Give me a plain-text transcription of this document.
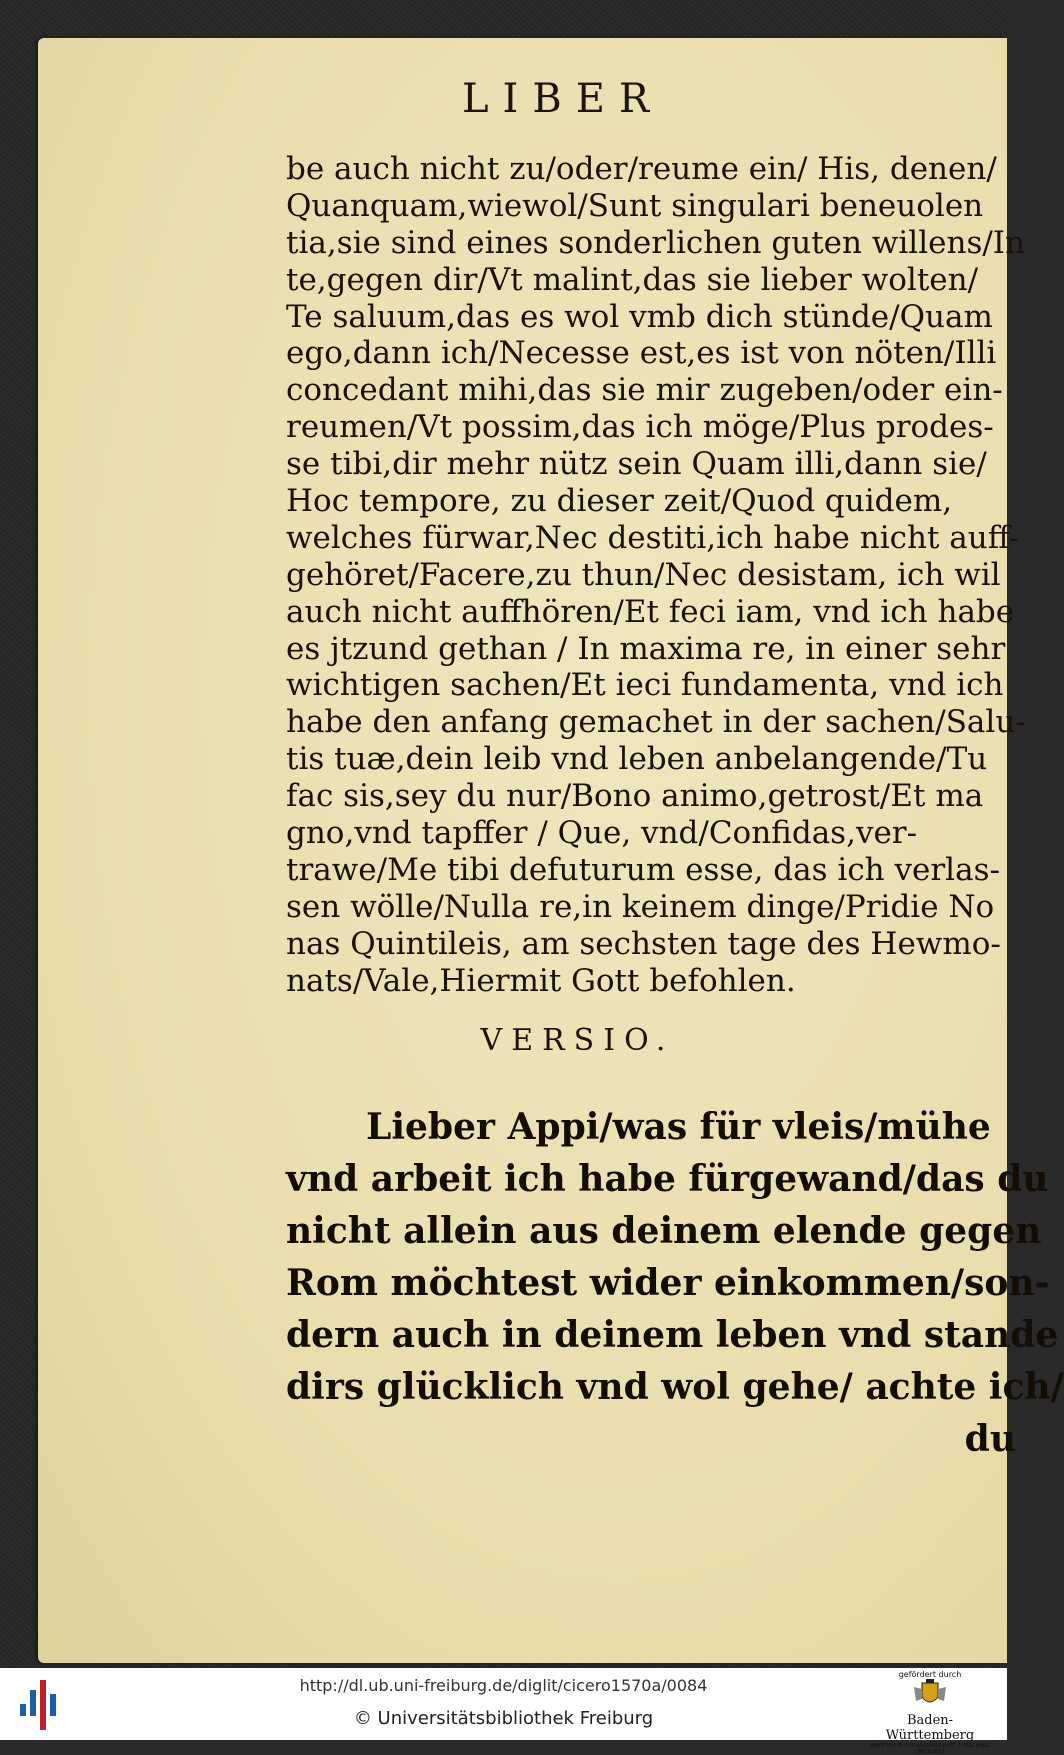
LIBER
be auch nicht zu/oder/reume ein/ His, denen/
Quanquam,wiewol/Sunt singulari beneuolen
tia,sie sind eines sonderlichen guten willens/In
te,gegen dir/Vt malint,das sie lieber wolten/
Te saluum,das es wol vmb dich stünde/Quam
ego,dann ich/Necesse est,es ist von nöten/Illi
concedant mihi,das sie mir zugeben/oder ein-
reumen/Vt possim,das ich möge/Plus prodes-
se tibi,dir mehr nütz sein Quam illi,dann sie/
Hoc tempore, zu dieser zeit/Quod quidem,
welches fürwar,Nec destiti,ich habe nicht auff-
gehöret/Facere,zu thun/Nec desistam, ich wil
auch nicht auffhören/Et feci iam, vnd ich habe
es jtzund gethan / In maxima re, in einer sehr
wichtigen sachen/Et ieci fundamenta, vnd ich
habe den anfang gemachet in der sachen/Salu-
tis tuæ,dein leib vnd leben anbelangende/Tu
fac sis,sey du nur/Bono animo,getrost/Et ma
gno,vnd tapffer / Que, vnd/Confidas,ver-
trawe/Me tibi defuturum esse, das ich verlas-
sen wölle/Nulla re,in keinem dinge/Pridie No
nas Quintileis, am sechsten tage des Hewmo-
nats/Vale,Hiermit Gott befohlen.
VERSIO.
Lieber Appi/was für vleis/mühe
vnd arbeit ich habe fürgewand/das du
nicht allein aus deinem elende gegen
Rom möchtest wider einkommen/son-
dern auch in deinem leben vnd stande
dirs glücklich vnd wol gehe/ achte ich/
du
http://dl.ub.uni-freiburg.de/diglit/cicero1570a/0084
© Universitätsbibliothek Freiburg
gefördert durch
Baden-Württemberg
MINISTERIUM FÜR WISSENSCHAFT, FORSCHUNG UND KUNST
